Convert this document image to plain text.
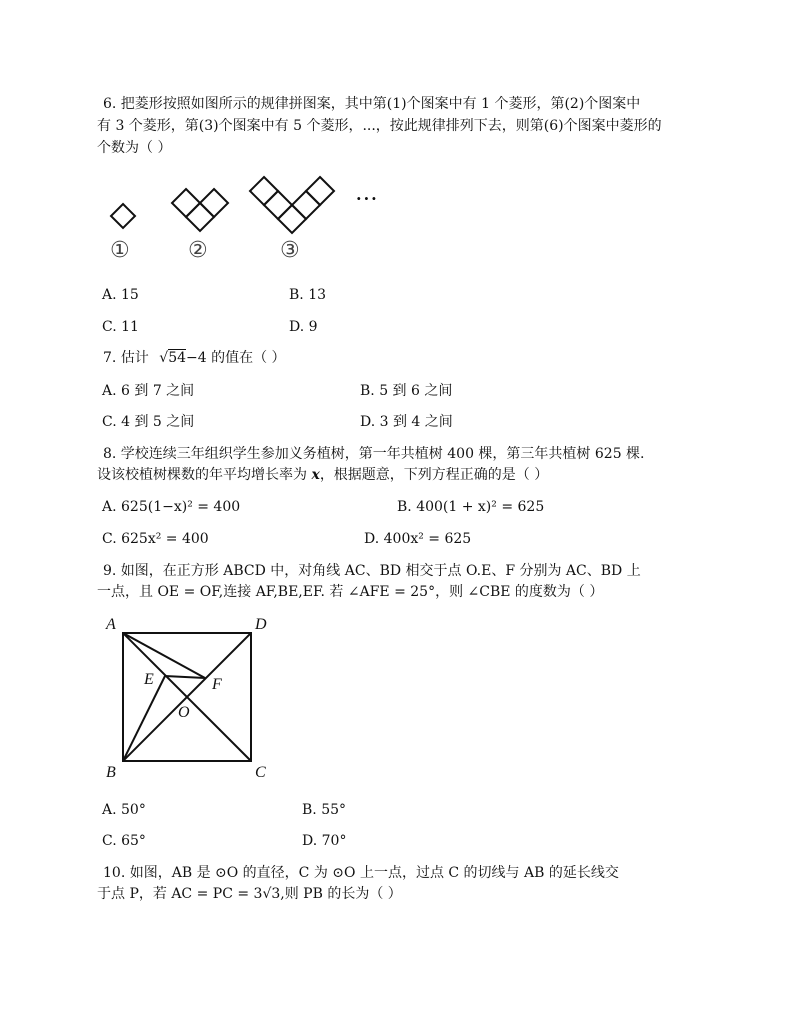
6. 把菱形按照如图所示的规律拼图案，其中第(1)个图案中有 1 个菱形，第(2)个图案中
有 3 个菱形，第(3)个图案中有 5 个菱形，...，按此规律排列下去，则第(6)个图案中菱形的
个数为（ ）
···
①	②	③
A. 15	B. 13
C. 11	D. 9
7. 估计 √54−4 的值在（ ）
A. 6 到 7 之间	B. 5 到 6 之间
C. 4 到 5 之间	D. 3 到 4 之间
8. 学校连续三年组织学生参加义务植树，第一年共植树 400 棵，第三年共植树 625 棵.
设该校植树棵数的年平均增长率为 x，根据题意，下列方程正确的是（ ）
A. 625(1−x)² = 400	B. 400(1 + x)² = 625
C. 625x² = 400	D. 400x² = 625
9. 如图，在正方形 ABCD 中，对角线 AC、BD 相交于点 O.E、F 分别为 AC、BD 上
一点，且 OE = OF,连接 AF,BE,EF. 若 ∠AFE = 25°，则 ∠CBE 的度数为（ ）
A	D
E	F
O
B	C
A. 50°	B. 55°
C. 65°	D. 70°
10. 如图，AB 是 ⊙O 的直径，C 为 ⊙O 上一点，过点 C 的切线与 AB 的延长线交
于点 P，若 AC = PC = 3√3,则 PB 的长为（ ）
